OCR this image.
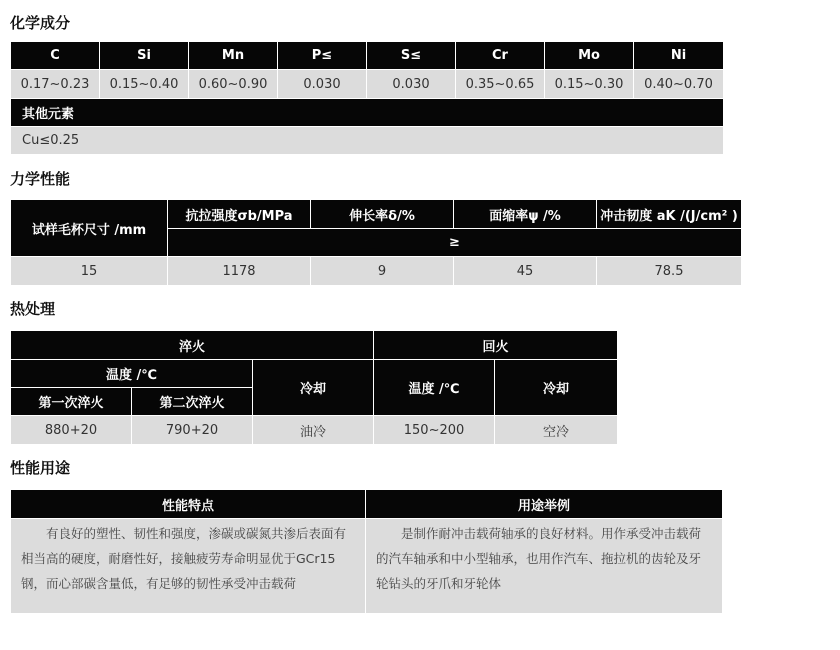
化学成分
C	Si	Mn	P≤	S≤	Cr	Mo	Ni
0.17~0.23	0.15~0.40	0.60~0.90	0.030	0.030	0.35~0.65	0.15~0.30	0.40~0.70
其他元素							
Cu≤0.25							
力学性能
试样毛杯尺寸 /mm	抗拉强度σb/MPa	伸长率δ/%	面缩率ψ /%	冲击韧度 aK /(J/cm² )
	≥			
15	1178	9	45	78.5
热处理
淬火			回火	
温度 /℃		冷却	温度 /℃	冷却
第一次淬火	第二次淬火			
880+20	790+20	油冷	150~200	空冷
性能用途
性能特点	用途举例
　　有良好的塑性、韧性和强度，渗碳或碳氮共渗后表面有相当高的硬度，耐磨性好，接触疲劳寿命明显优于GCr15 钢，而心部碳含量低，有足够的韧性承受冲击载荷	　　是制作耐冲击载荷轴承的良好材料。用作承受冲击载荷的汽车轴承和中小型轴承，也用作汽车、拖拉机的齿轮及牙轮钻头的牙爪和牙轮体
